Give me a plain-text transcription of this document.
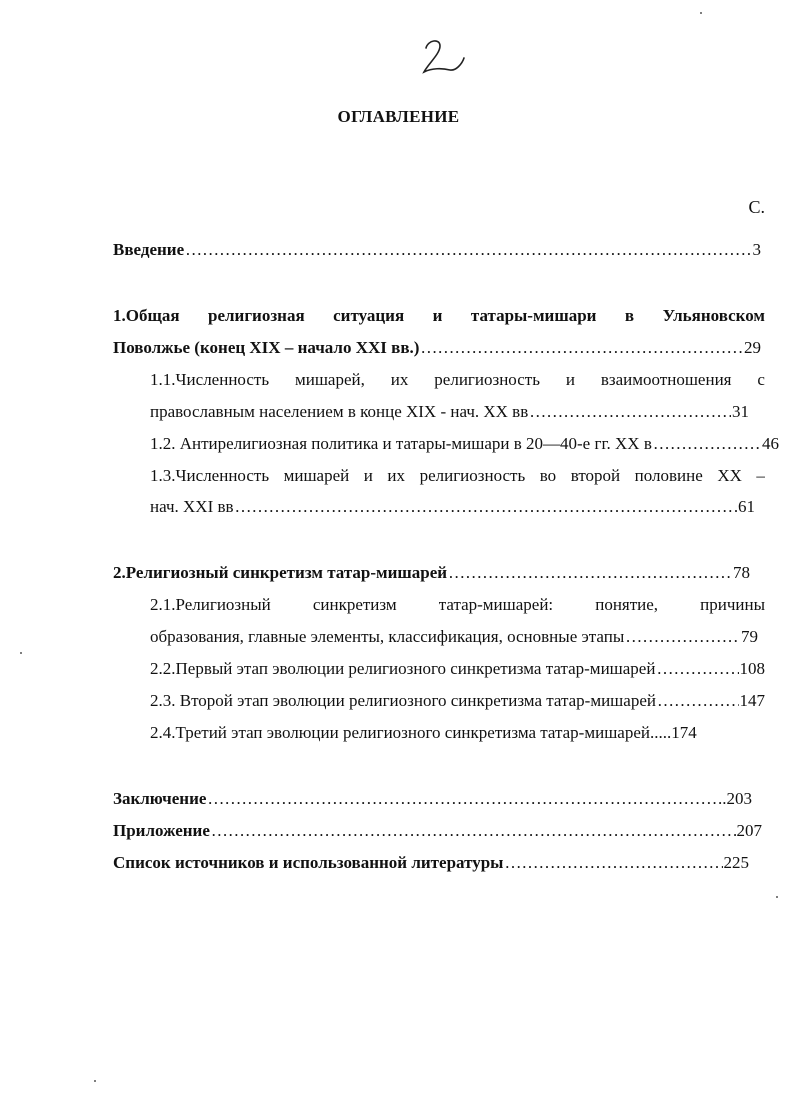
ОГЛАВЛЕНИЕ
С.
Введение ……………………………………………………………………………………………………………………………………………………………………………………	3
1.Общая религиозная ситуация и татары-мишари в Ульяновском
Поволжье (конец XIX – начало XXI вв.) ……………………………………………………………………………………………………………………………………………………………………………………	29
1.1.Численность мишарей, их религиозность и взаимоотношения с
православным населением в конце XIX - нач. XX вв ……………………………………………………………………………………………………………………………………………………………………………………	31
1.2. Антирелигиозная политика и татары-мишари в 20—40-е гг. XX в ……………………………………………………………………………………………………………………………………………………………………………………	46
1.3.Численность мишарей и их религиозность во второй половине XX –
нач. XXI вв ……………………………………………………………………………………………………………………………………………………………………………………	61
2.Религиозный синкретизм татар-мишарей ……………………………………………………………………………………………………………………………………………………………………………………	78
2.1.Религиозный синкретизм татар-мишарей: понятие, причины
образования, главные элементы, классификация, основные этапы ……………………………………………………………………………………………………………………………………………………………………………………	79
2.2.Первый этап эволюции религиозного синкретизма татар-мишарей ……………………………………………………………………………………………………………………………………………………………………………………	108
2.3. Второй этап эволюции религиозного синкретизма татар-мишарей ……………………………………………………………………………………………………………………………………………………………………………………	147
2.4.Третий этап эволюции религиозного синкретизма татар-мишарей.....174
Заключение ……………………………………………………………………………………………………………………………………………………………………………………	..203
Приложение ……………………………………………………………………………………………………………………………………………………………………………………	207
Список источников и использованной литературы ……………………………………………………………………………………………………………………………………………………………………………………	225
